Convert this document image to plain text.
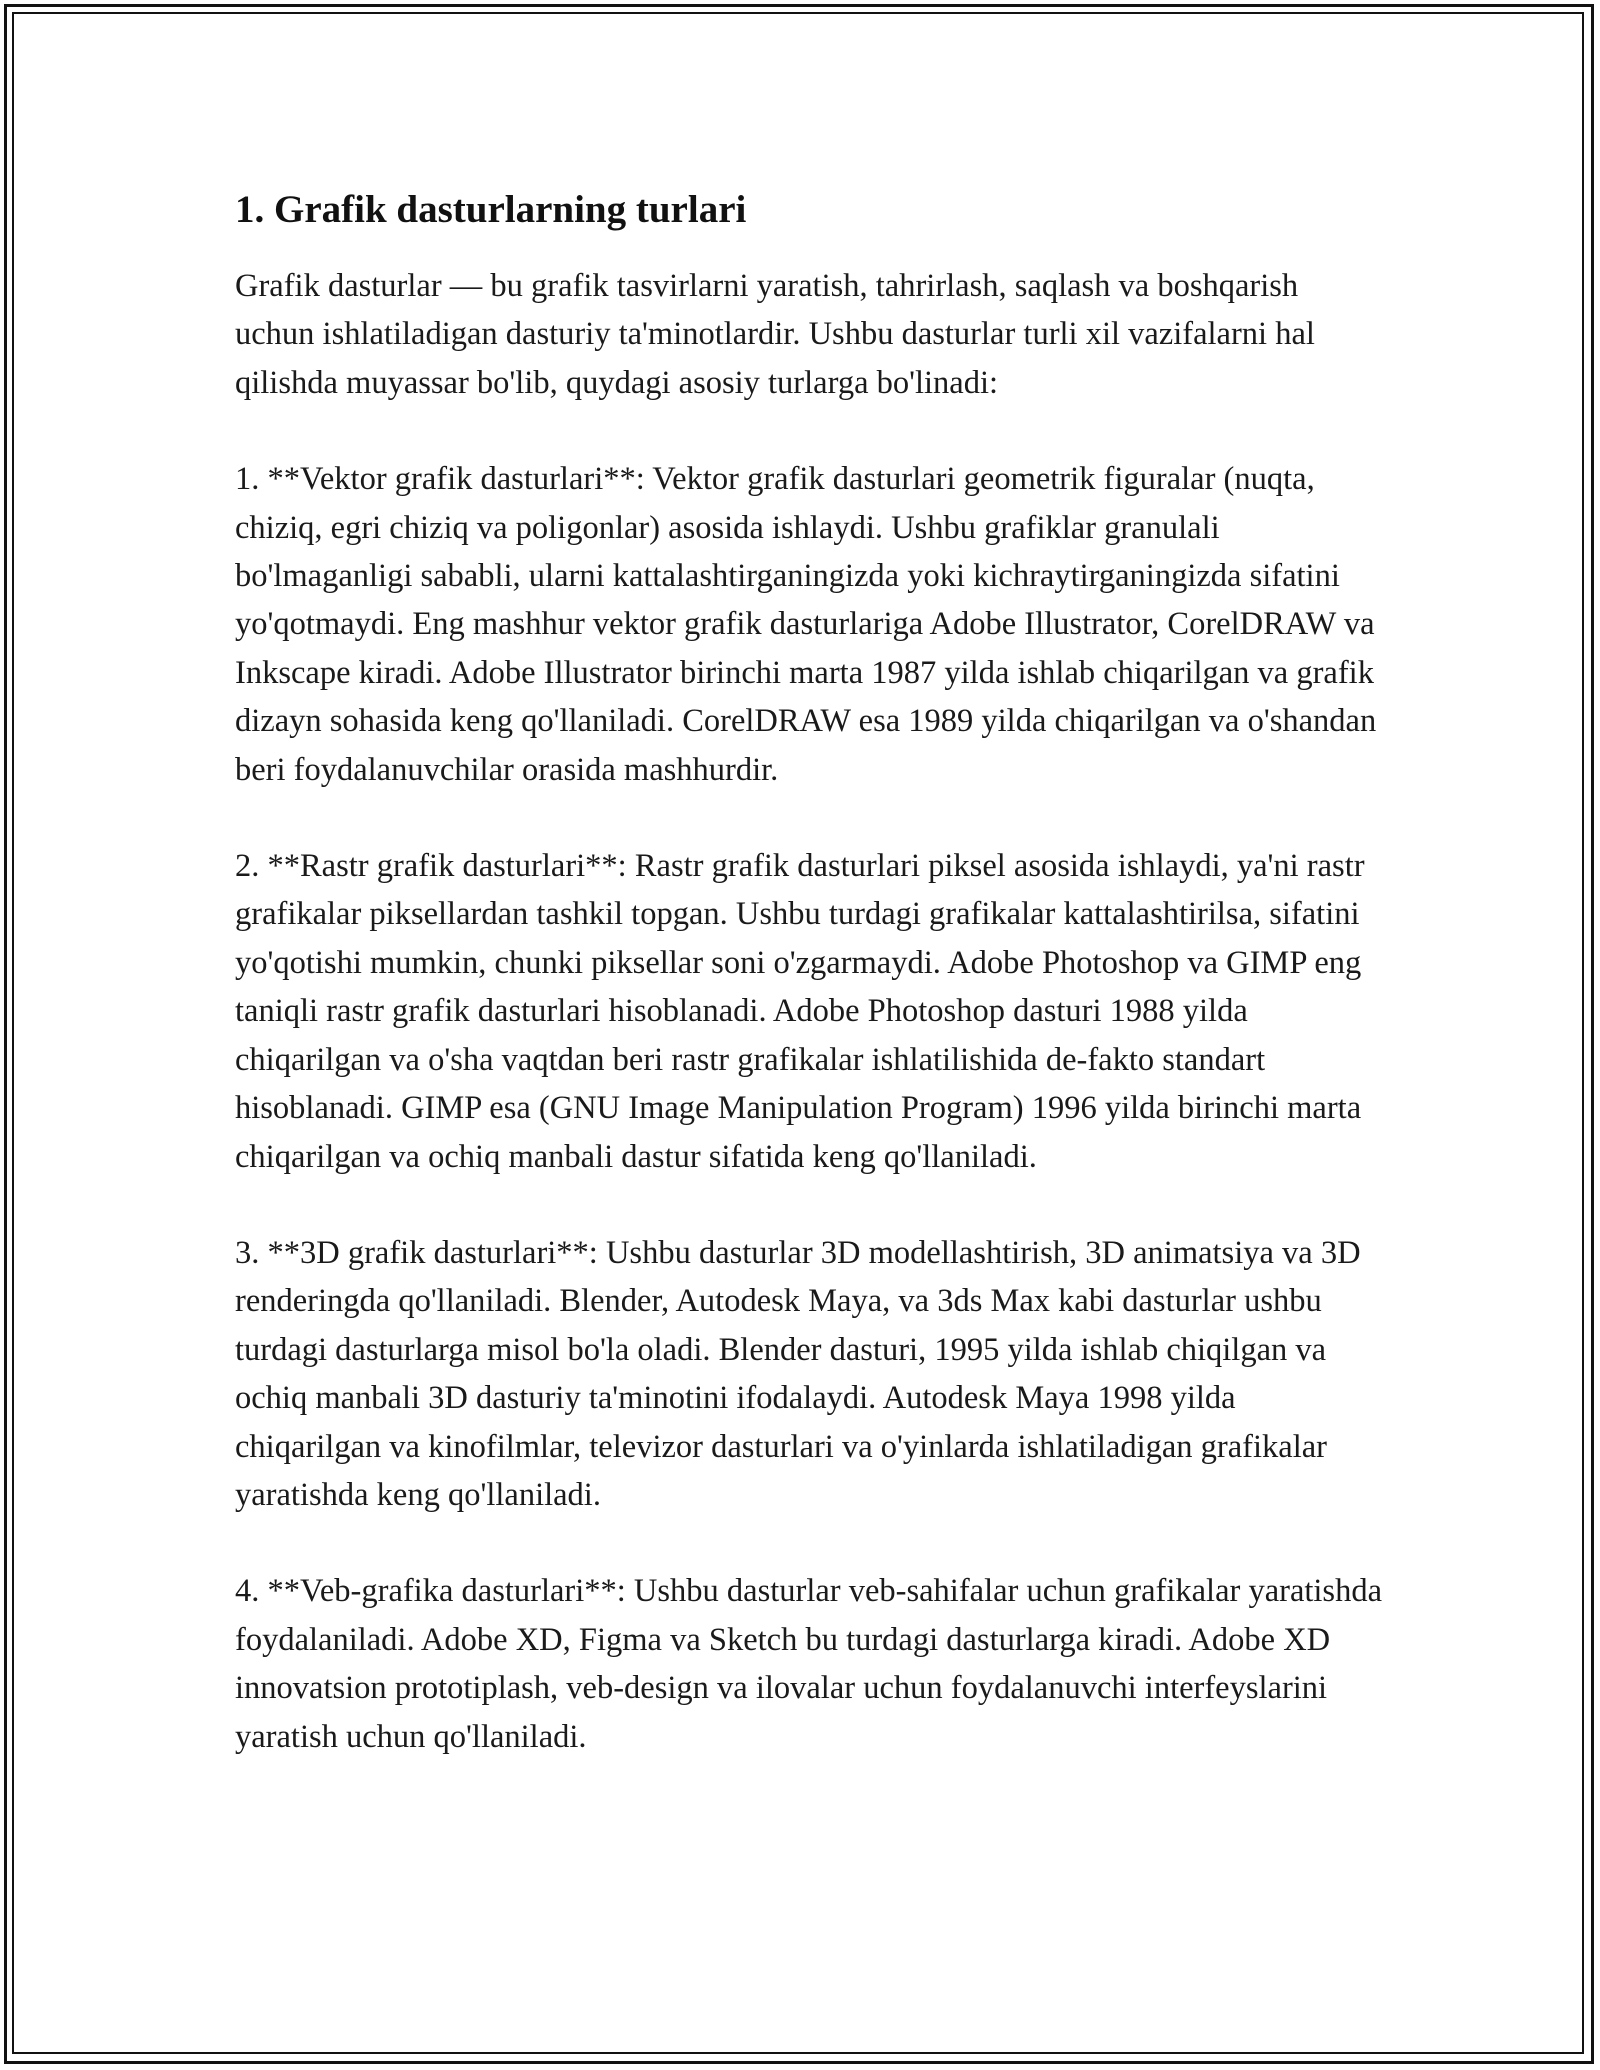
1. Grafik dasturlarning turlari

Grafik dasturlar — bu grafik tasvirlarni yaratish, tahrirlash, saqlash va boshqarish uchun ishlatiladigan dasturiy ta'minotlardir. Ushbu dasturlar turli xil vazifalarni hal qilishda muyassar bo'lib, quydagi asosiy turlarga bo'linadi:

1. **Vektor grafik dasturlari**: Vektor grafik dasturlari geometrik figuralar (nuqta, chiziq, egri chiziq va poligonlar) asosida ishlaydi. Ushbu grafiklar granulali bo'lmaganligi sababli, ularni kattalashtirganingizda yoki kichraytirganingizda sifatini yo'qotmaydi. Eng mashhur vektor grafik dasturlariga Adobe Illustrator, CorelDRAW va Inkscape kiradi. Adobe Illustrator birinchi marta 1987 yilda ishlab chiqarilgan va grafik dizayn sohasida keng qo'llaniladi. CorelDRAW esa 1989 yilda chiqarilgan va o'shandan beri foydalanuvchilar orasida mashhurdir.

2. **Rastr grafik dasturlari**: Rastr grafik dasturlari piksel asosida ishlaydi, ya'ni rastr grafikalar piksellardan tashkil topgan. Ushbu turdagi grafikalar kattalashtirilsa, sifatini yo'qotishi mumkin, chunki piksellar soni o'zgarmaydi. Adobe Photoshop va GIMP eng taniqli rastr grafik dasturlari hisoblanadi. Adobe Photoshop dasturi 1988 yilda chiqarilgan va o'sha vaqtdan beri rastr grafikalar ishlatilishida de-fakto standart hisoblanadi. GIMP esa (GNU Image Manipulation Program) 1996 yilda birinchi marta chiqarilgan va ochiq manbali dastur sifatida keng qo'llaniladi.

3. **3D grafik dasturlari**: Ushbu dasturlar 3D modellashtirish, 3D animatsiya va 3D renderingda qo'llaniladi. Blender, Autodesk Maya, va 3ds Max kabi dasturlar ushbu turdagi dasturlarga misol bo'la oladi. Blender dasturi, 1995 yilda ishlab chiqilgan va ochiq manbali 3D dasturiy ta'minotini ifodalaydi. Autodesk Maya 1998 yilda chiqarilgan va kinofilmlar, televizor dasturlari va o'yinlarda ishlatiladigan grafikalar yaratishda keng qo'llaniladi.

4. **Veb-grafika dasturlari**: Ushbu dasturlar veb-sahifalar uchun grafikalar yaratishda foydalaniladi. Adobe XD, Figma va Sketch bu turdagi dasturlarga kiradi. Adobe XD innovatsion prototiplash, veb-design va ilovalar uchun foydalanuvchi interfeyslarini yaratish uchun qo'llaniladi.
